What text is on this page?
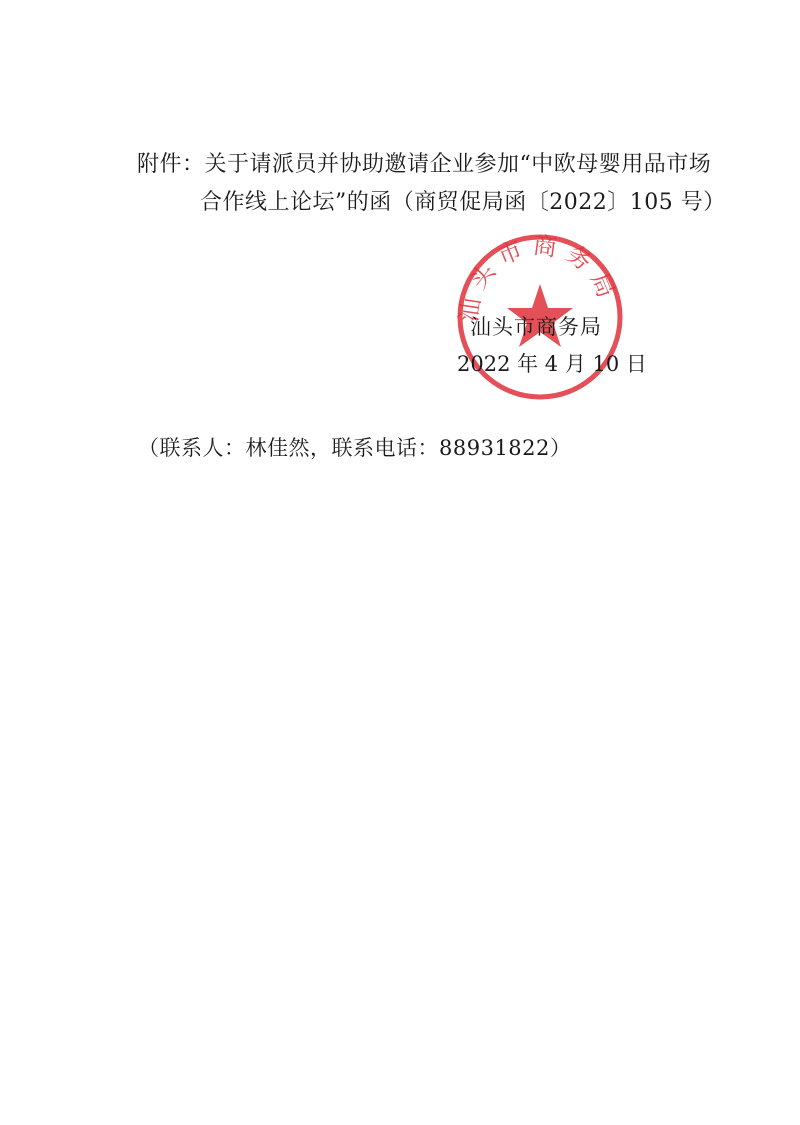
附件：关于请派员并协助邀请企业参加“中欧母婴用品市场
合作线上论坛”的函（商贸促局函〔2022〕105 号）
汕头市商务局
汕头市商务局
2022 年 4 月 10 日
（联系人：林佳然，联系电话：88931822）
